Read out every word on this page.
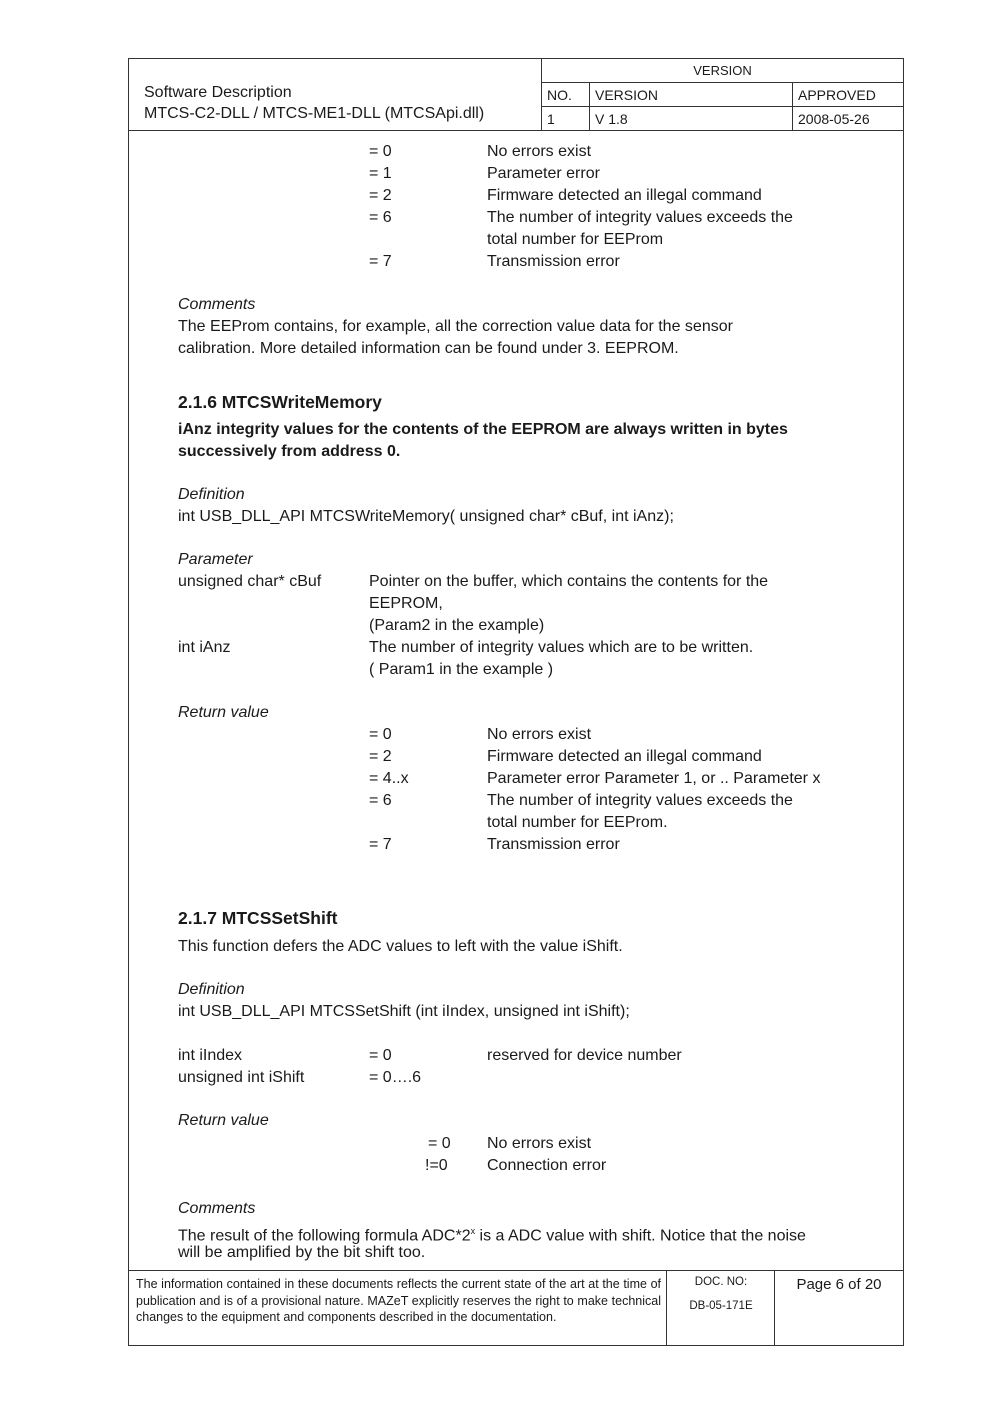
Software Description
MTCS-C2-DLL / MTCS-ME1-DLL (MTCSApi.dll)
VERSION		
NO.	VERSION	APPROVED
1	V 1.8	2008-05-26
= 0	No errors exist
= 1	Parameter error
= 2	Firmware detected an illegal command
= 6	The number of integrity values exceeds the
total number for EEProm
= 7	Transmission error
Comments
The EEProm contains, for example, all the correction value data for the sensor
calibration. More detailed information can be found under 3. EEPROM.
2.1.6 MTCSWriteMemory
iAnz integrity values for the contents of the EEPROM are always written in bytes
successively from address 0.
Definition
int USB_DLL_API MTCSWriteMemory( unsigned char* cBuf, int iAnz);
Parameter
unsigned char* cBuf	Pointer on the buffer, which contains the contents for the
EEPROM,
(Param2 in the example)
int iAnz	The number of integrity values which are to be written.
( Param1 in the example )
Return value
= 0	No errors exist
= 2	Firmware detected an illegal command
= 4..x	Parameter error Parameter 1, or .. Parameter x
= 6	The number of integrity values exceeds the
total number for EEProm.
= 7	Transmission error
2.1.7 MTCSSetShift
This function defers the ADC values to left with the value iShift.
Definition
int USB_DLL_API MTCSSetShift (int iIndex, unsigned int iShift);
int iIndex	= 0	reserved for device number
unsigned int iShift	= 0….6
Return value
= 0 No errors exist
!=0 Connection error
Comments
The result of the following formula ADC*2$^x$ is a ADC value with shift. Notice that the noise
will be amplified by the bit shift too.
The information contained in these documents reflects the current state of the art at the time of publication and is of a provisional nature. MAZeT explicitly reserves the right to make technical changes to the equipment and components described in the documentation.
DOC. NO:
DB-05-171E
Page 6 of 20
